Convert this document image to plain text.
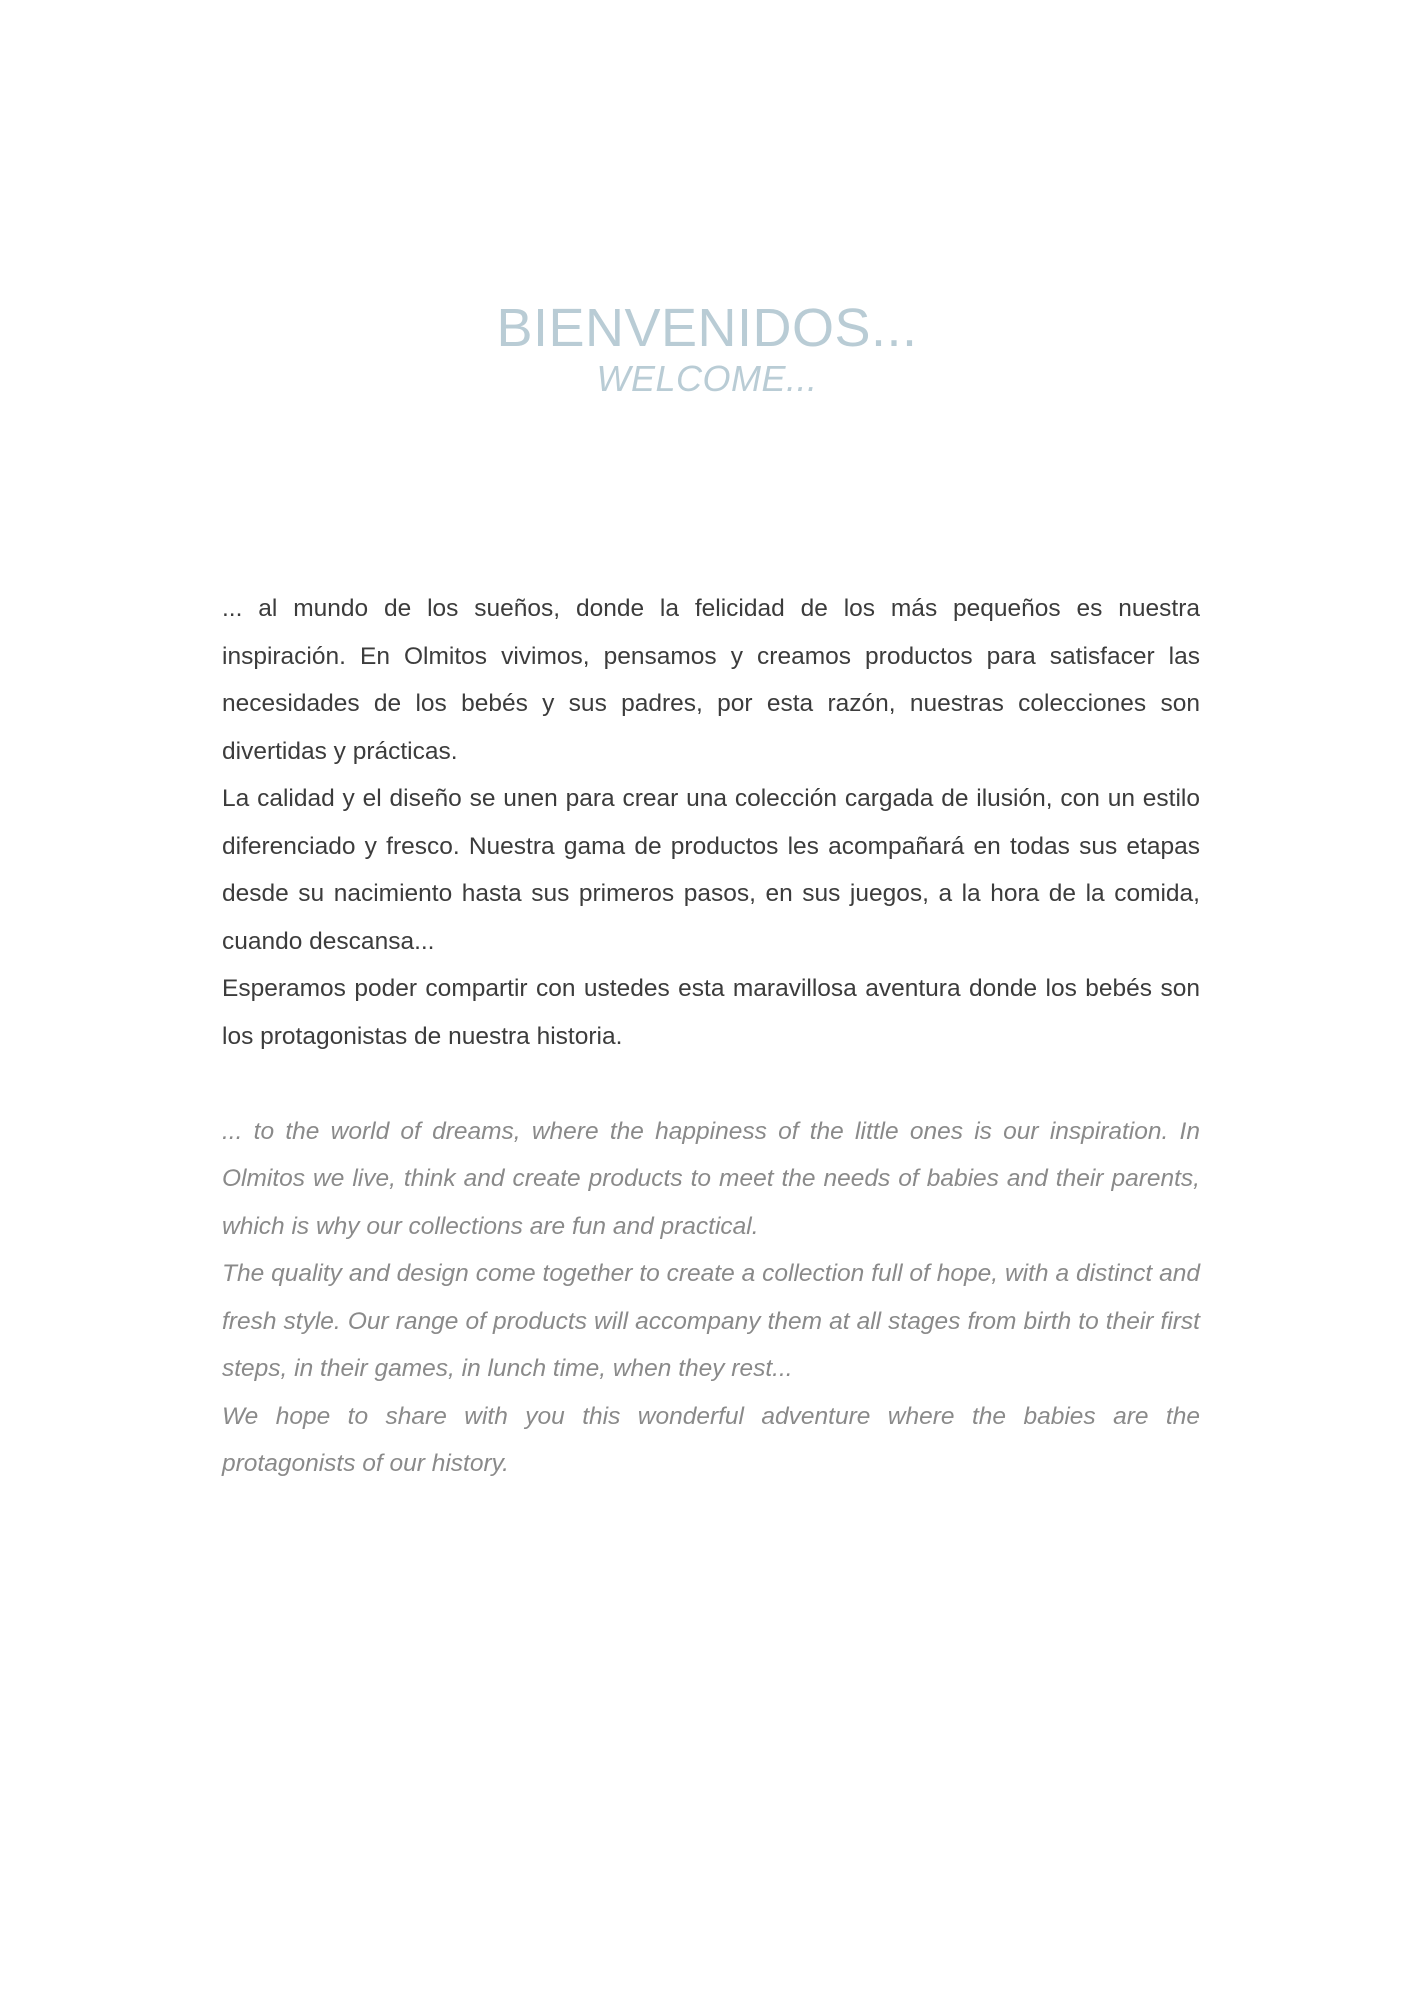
BIENVENIDOS...
WELCOME...

... al mundo de los sueños, donde la felicidad de los más pequeños es nuestra inspiración. En Olmitos vivimos, pensamos y creamos productos para satisfacer las necesidades de los bebés y sus padres, por esta razón, nuestras colecciones son divertidas y prácticas.

La calidad y el diseño se unen para crear una colección cargada de ilusión, con un estilo diferenciado y fresco. Nuestra gama de productos les acompañará en todas sus etapas desde su nacimiento hasta sus primeros pasos, en sus juegos, a la hora de la comida, cuando descansa...

Esperamos poder compartir con ustedes esta maravillosa aventura donde los bebés son los protagonistas de nuestra historia.

... to the world of dreams, where the happiness of the little ones is our inspiration. In Olmitos we live, think and create products to meet the needs of babies and their parents, which is why our collections are fun and practical.

The quality and design come together to create a collection full of hope, with a distinct and fresh style. Our range of products will accompany them at all stages from birth to their first steps, in their games, in lunch time, when they rest...

We hope to share with you this wonderful adventure where the babies are the protagonists of our history.
